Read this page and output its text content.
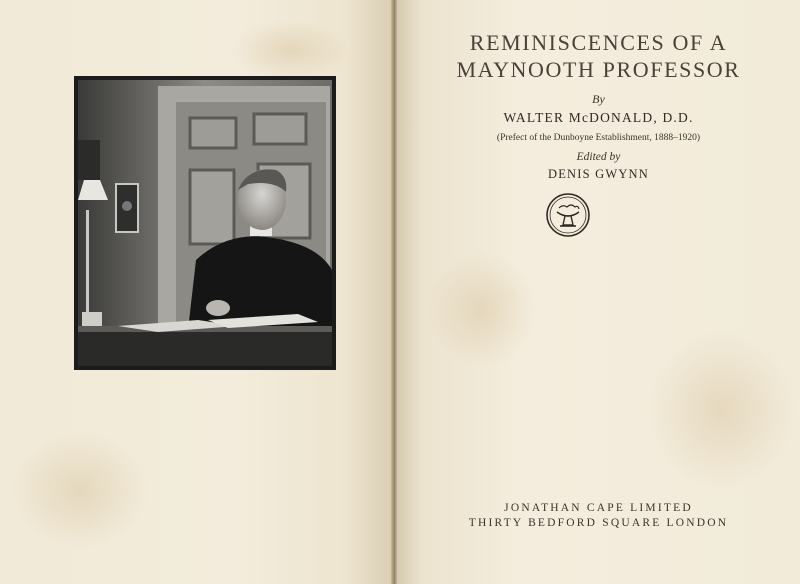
REMINISCENCES OF A
MAYNOOTH PROFESSOR
By
WALTER McDONALD, D.D.
(Prefect of the Dunboyne Establishment, 1888–1920)
Edited by
DENIS GWYNN
JONATHAN CAPE LIMITED
THIRTY BEDFORD SQUARE LONDON
